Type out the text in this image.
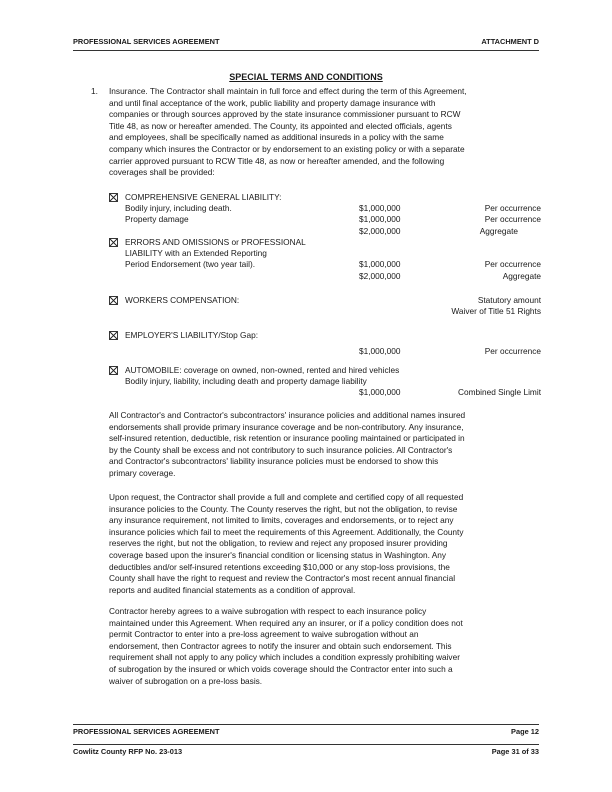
PROFESSIONAL SERVICES AGREEMENT	ATTACHMENT D
SPECIAL TERMS AND CONDITIONS
1. Insurance. The Contractor shall maintain in full force and effect during the term of this Agreement,
and until final acceptance of the work, public liability and property damage insurance with
companies or through sources approved by the state insurance commissioner pursuant to RCW
Title 48, as now or hereafter amended. The County, its appointed and elected officials, agents
and employees, shall be specifically named as additional insureds in a policy with the same
company which insures the Contractor or by endorsement to an existing policy or with a separate
carrier approved pursuant to RCW Title 48, as now or hereafter amended, and the following
coverages shall be provided:
COMPREHENSIVE GENERAL LIABILITY:
Bodily injury, including death.	$1,000,000	Per occurrence
Property damage	$1,000,000	Per occurrence
$2,000,000	Aggregate
ERRORS AND OMISSIONS or PROFESSIONAL
LIABILITY with an Extended Reporting
Period Endorsement (two year tail).	$1,000,000	Per occurrence
$2,000,000	Aggregate
WORKERS COMPENSATION:	Statutory amount
Waiver of Title 51 Rights
EMPLOYER'S LIABILITY/Stop Gap:
$1,000,000	Per occurrence
AUTOMOBILE: coverage on owned, non-owned, rented and hired vehicles
Bodily injury, liability, including death and property damage liability
$1,000,000	Combined Single Limit
All Contractor's and Contractor's subcontractors' insurance policies and additional names insured
endorsements shall provide primary insurance coverage and be non-contributory. Any insurance,
self-insured retention, deductible, risk retention or insurance pooling maintained or participated in
by the County shall be excess and not contributory to such insurance policies. All Contractor's
and Contractor's subcontractors' liability insurance policies must be endorsed to show this
primary coverage.
Upon request, the Contractor shall provide a full and complete and certified copy of all requested
insurance policies to the County. The County reserves the right, but not the obligation, to revise
any insurance requirement, not limited to limits, coverages and endorsements, or to reject any
insurance policies which fail to meet the requirements of this Agreement. Additionally, the County
reserves the right, but not the obligation, to review and reject any proposed insurer providing
coverage based upon the insurer's financial condition or licensing status in Washington. Any
deductibles and/or self-insured retentions exceeding $10,000 or any stop-loss provisions, the
County shall have the right to request and review the Contractor's most recent annual financial
reports and audited financial statements as a condition of approval.
Contractor hereby agrees to a waive subrogation with respect to each insurance policy
maintained under this Agreement. When required any an insurer, or if a policy condition does not
permit Contractor to enter into a pre-loss agreement to waive subrogation without an
endorsement, then Contractor agrees to notify the insurer and obtain such endorsement. This
requirement shall not apply to any policy which includes a condition expressly prohibiting waiver
of subrogation by the insured or which voids coverage should the Contractor enter into such a
waiver of subrogation on a pre-loss basis.
PROFESSIONAL SERVICES AGREEMENT	Page 12
Cowlitz County RFP No. 23-013	Page 31 of 33
